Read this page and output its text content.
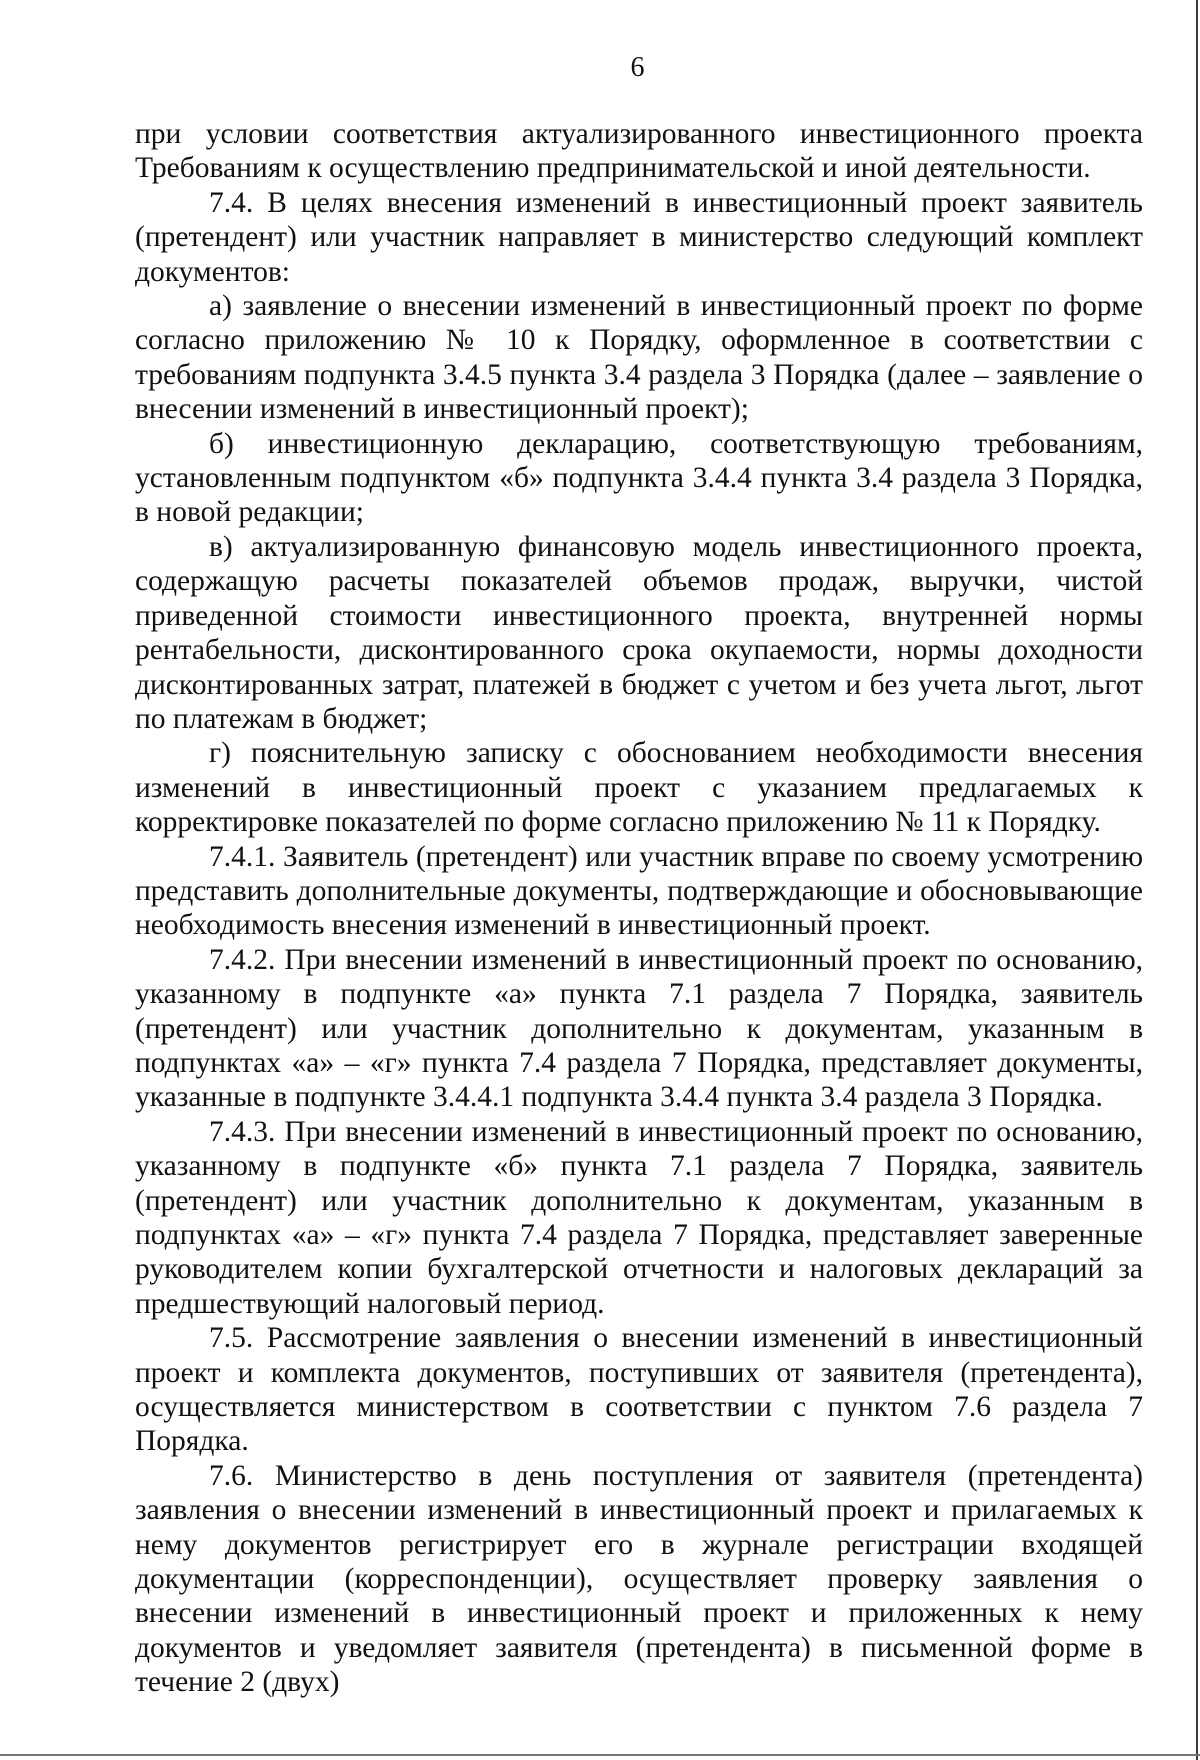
6

при условии соответствия актуализированного инвестиционного проекта Требованиям к осуществлению предпринимательской и иной деятельности.

7.4. В целях внесения изменений в инвестиционный проект заявитель (претендент) или участник направляет в министерство следующий комплект документов:

а) заявление о внесении изменений в инвестиционный проект по форме согласно приложению № 10 к Порядку, оформленное в соответствии с требованиям подпункта 3.4.5 пункта 3.4 раздела 3 Порядка (далее – заявление о внесении изменений в инвестиционный проект);

б) инвестиционную декларацию, соответствующую требованиям, установленным подпунктом «б» подпункта 3.4.4 пункта 3.4 раздела 3 Порядка, в новой редакции;

в) актуализированную финансовую модель инвестиционного проекта, содержащую расчеты показателей объемов продаж, выручки, чистой приведенной стоимости инвестиционного проекта, внутренней нормы рентабельности, дисконтированного срока окупаемости, нормы доходности дисконтированных затрат, платежей в бюджет с учетом и без учета льгот, льгот по платежам в бюджет;

г) пояснительную записку с обоснованием необходимости внесения изменений в инвестиционный проект с указанием предлагаемых к корректировке показателей по форме согласно приложению № 11 к Порядку.

7.4.1. Заявитель (претендент) или участник вправе по своему усмотрению представить дополнительные документы, подтверждающие и обосновывающие необходимость внесения изменений в инвестиционный проект.

7.4.2. При внесении изменений в инвестиционный проект по основанию, указанному в подпункте «а» пункта 7.1 раздела 7 Порядка, заявитель (претендент) или участник дополнительно к документам, указанным в подпунктах «а» – «г» пункта 7.4 раздела 7 Порядка, представляет документы, указанные в подпункте 3.4.4.1 подпункта 3.4.4 пункта 3.4 раздела 3 Порядка.

7.4.3. При внесении изменений в инвестиционный проект по основанию, указанному в подпункте «б» пункта 7.1 раздела 7 Порядка, заявитель (претендент) или участник дополнительно к документам, указанным в подпунктах «а» – «г» пункта 7.4 раздела 7 Порядка, представляет заверенные руководителем копии бухгалтерской отчетности и налоговых деклараций за предшествующий налоговый период.

7.5. Рассмотрение заявления о внесении изменений в инвестиционный проект и комплекта документов, поступивших от заявителя (претендента), осуществляется министерством в соответствии с пунктом 7.6 раздела 7 Порядка.

7.6. Министерство в день поступления от заявителя (претендента) заявления о внесении изменений в инвестиционный проект и прилагаемых к нему документов регистрирует его в журнале регистрации входящей документации (корреспонденции), осуществляет проверку заявления о внесении изменений в инвестиционный проект и приложенных к нему документов и уведомляет заявителя (претендента) в письменной форме в течение 2 (двух)
